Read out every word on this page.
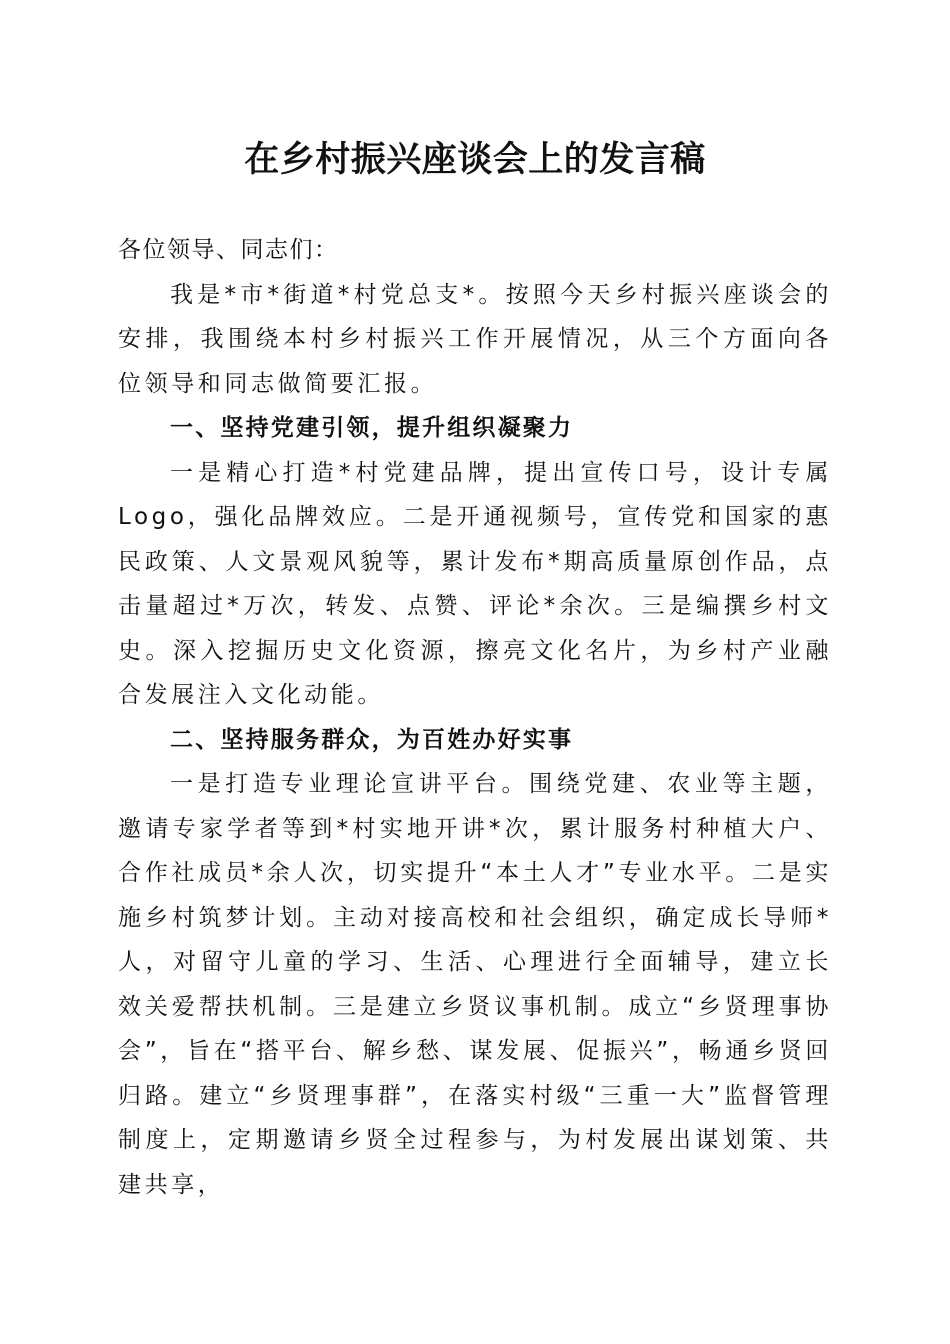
在乡村振兴座谈会上的发言稿

各位领导、同志们：

我是*市*街道*村党总支*。按照今天乡村振兴座谈会的安排，我围绕本村乡村振兴工作开展情况，从三个方面向各位领导和同志做简要汇报。

一、坚持党建引领，提升组织凝聚力

一是精心打造*村党建品牌，提出宣传口号，设计专属Logo，强化品牌效应。二是开通视频号，宣传党和国家的惠民政策、人文景观风貌等，累计发布*期高质量原创作品，点击量超过*万次，转发、点赞、评论*余次。三是编撰乡村文史。深入挖掘历史文化资源，擦亮文化名片，为乡村产业融合发展注入文化动能。

二、坚持服务群众，为百姓办好实事

一是打造专业理论宣讲平台。围绕党建、农业等主题，邀请专家学者等到*村实地开讲*次，累计服务村种植大户、合作社成员*余人次，切实提升“本土人才”专业水平。二是实施乡村筑梦计划。主动对接高校和社会组织，确定成长导师*人，对留守儿童的学习、生活、心理进行全面辅导，建立长效关爱帮扶机制。三是建立乡贤议事机制。成立“乡贤理事协会”，旨在“搭平台、解乡愁、谋发展、促振兴”，畅通乡贤回归路。建立“乡贤理事群”，在落实村级“三重一大”监督管理制度上，定期邀请乡贤全过程参与，为村发展出谋划策、共建共享，
